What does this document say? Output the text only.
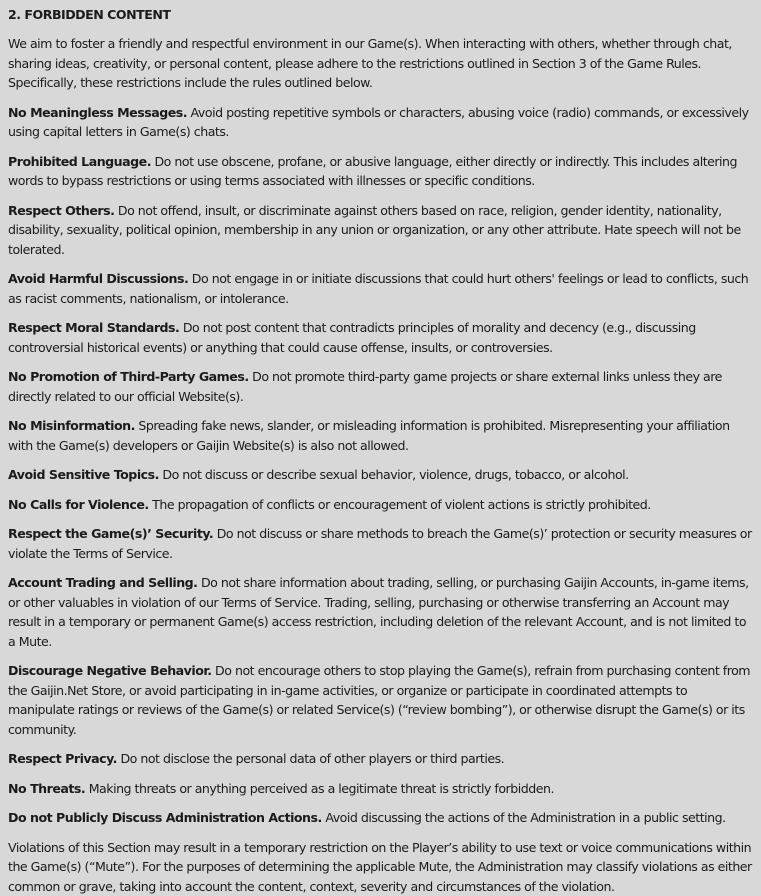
2. FORBIDDEN CONTENT

We aim to foster a friendly and respectful environment in our Game(s). When interacting with others, whether through chat, sharing ideas, creativity, or personal content, please adhere to the restrictions outlined in Section 3 of the Game Rules. Specifically, these restrictions include the rules outlined below.

No Meaningless Messages. Avoid posting repetitive symbols or characters, abusing voice (radio) commands, or excessively using capital letters in Game(s) chats.

Prohibited Language. Do not use obscene, profane, or abusive language, either directly or indirectly. This includes altering words to bypass restrictions or using terms associated with illnesses or specific conditions.

Respect Others. Do not offend, insult, or discriminate against others based on race, religion, gender identity, nationality, disability, sexuality, political opinion, membership in any union or organization, or any other attribute. Hate speech will not be tolerated.

Avoid Harmful Discussions. Do not engage in or initiate discussions that could hurt others' feelings or lead to conflicts, such as racist comments, nationalism, or intolerance.

Respect Moral Standards. Do not post content that contradicts principles of morality and decency (e.g., discussing controversial historical events) or anything that could cause offense, insults, or controversies.

No Promotion of Third-Party Games. Do not promote third-party game projects or share external links unless they are directly related to our official Website(s).

No Misinformation. Spreading fake news, slander, or misleading information is prohibited. Misrepresenting your affiliation with the Game(s) developers or Gaijin Website(s) is also not allowed.

Avoid Sensitive Topics. Do not discuss or describe sexual behavior, violence, drugs, tobacco, or alcohol.

No Calls for Violence. The propagation of conflicts or encouragement of violent actions is strictly prohibited.

Respect the Game(s)’ Security. Do not discuss or share methods to breach the Game(s)’ protection or security measures or violate the Terms of Service.

Account Trading and Selling. Do not share information about trading, selling, or purchasing Gaijin Accounts, in-game items, or other valuables in violation of our Terms of Service. Trading, selling, purchasing or otherwise transferring an Account may result in a temporary or permanent Game(s) access restriction, including deletion of the relevant Account, and is not limited to a Mute.

Discourage Negative Behavior. Do not encourage others to stop playing the Game(s), refrain from purchasing content from the Gaijin.Net Store, or avoid participating in in-game activities, or organize or participate in coordinated attempts to manipulate ratings or reviews of the Game(s) or related Service(s) (“review bombing”), or otherwise disrupt the Game(s) or its community.

Respect Privacy. Do not disclose the personal data of other players or third parties.

No Threats. Making threats or anything perceived as a legitimate threat is strictly forbidden.

Do not Publicly Discuss Administration Actions. Avoid discussing the actions of the Administration in a public setting.

Violations of this Section may result in a temporary restriction on the Player’s ability to use text or voice communications within the Game(s) (“Mute”). For the purposes of determining the applicable Mute, the Administration may classify violations as either common or grave, taking into account the content, context, severity and circumstances of the violation.
